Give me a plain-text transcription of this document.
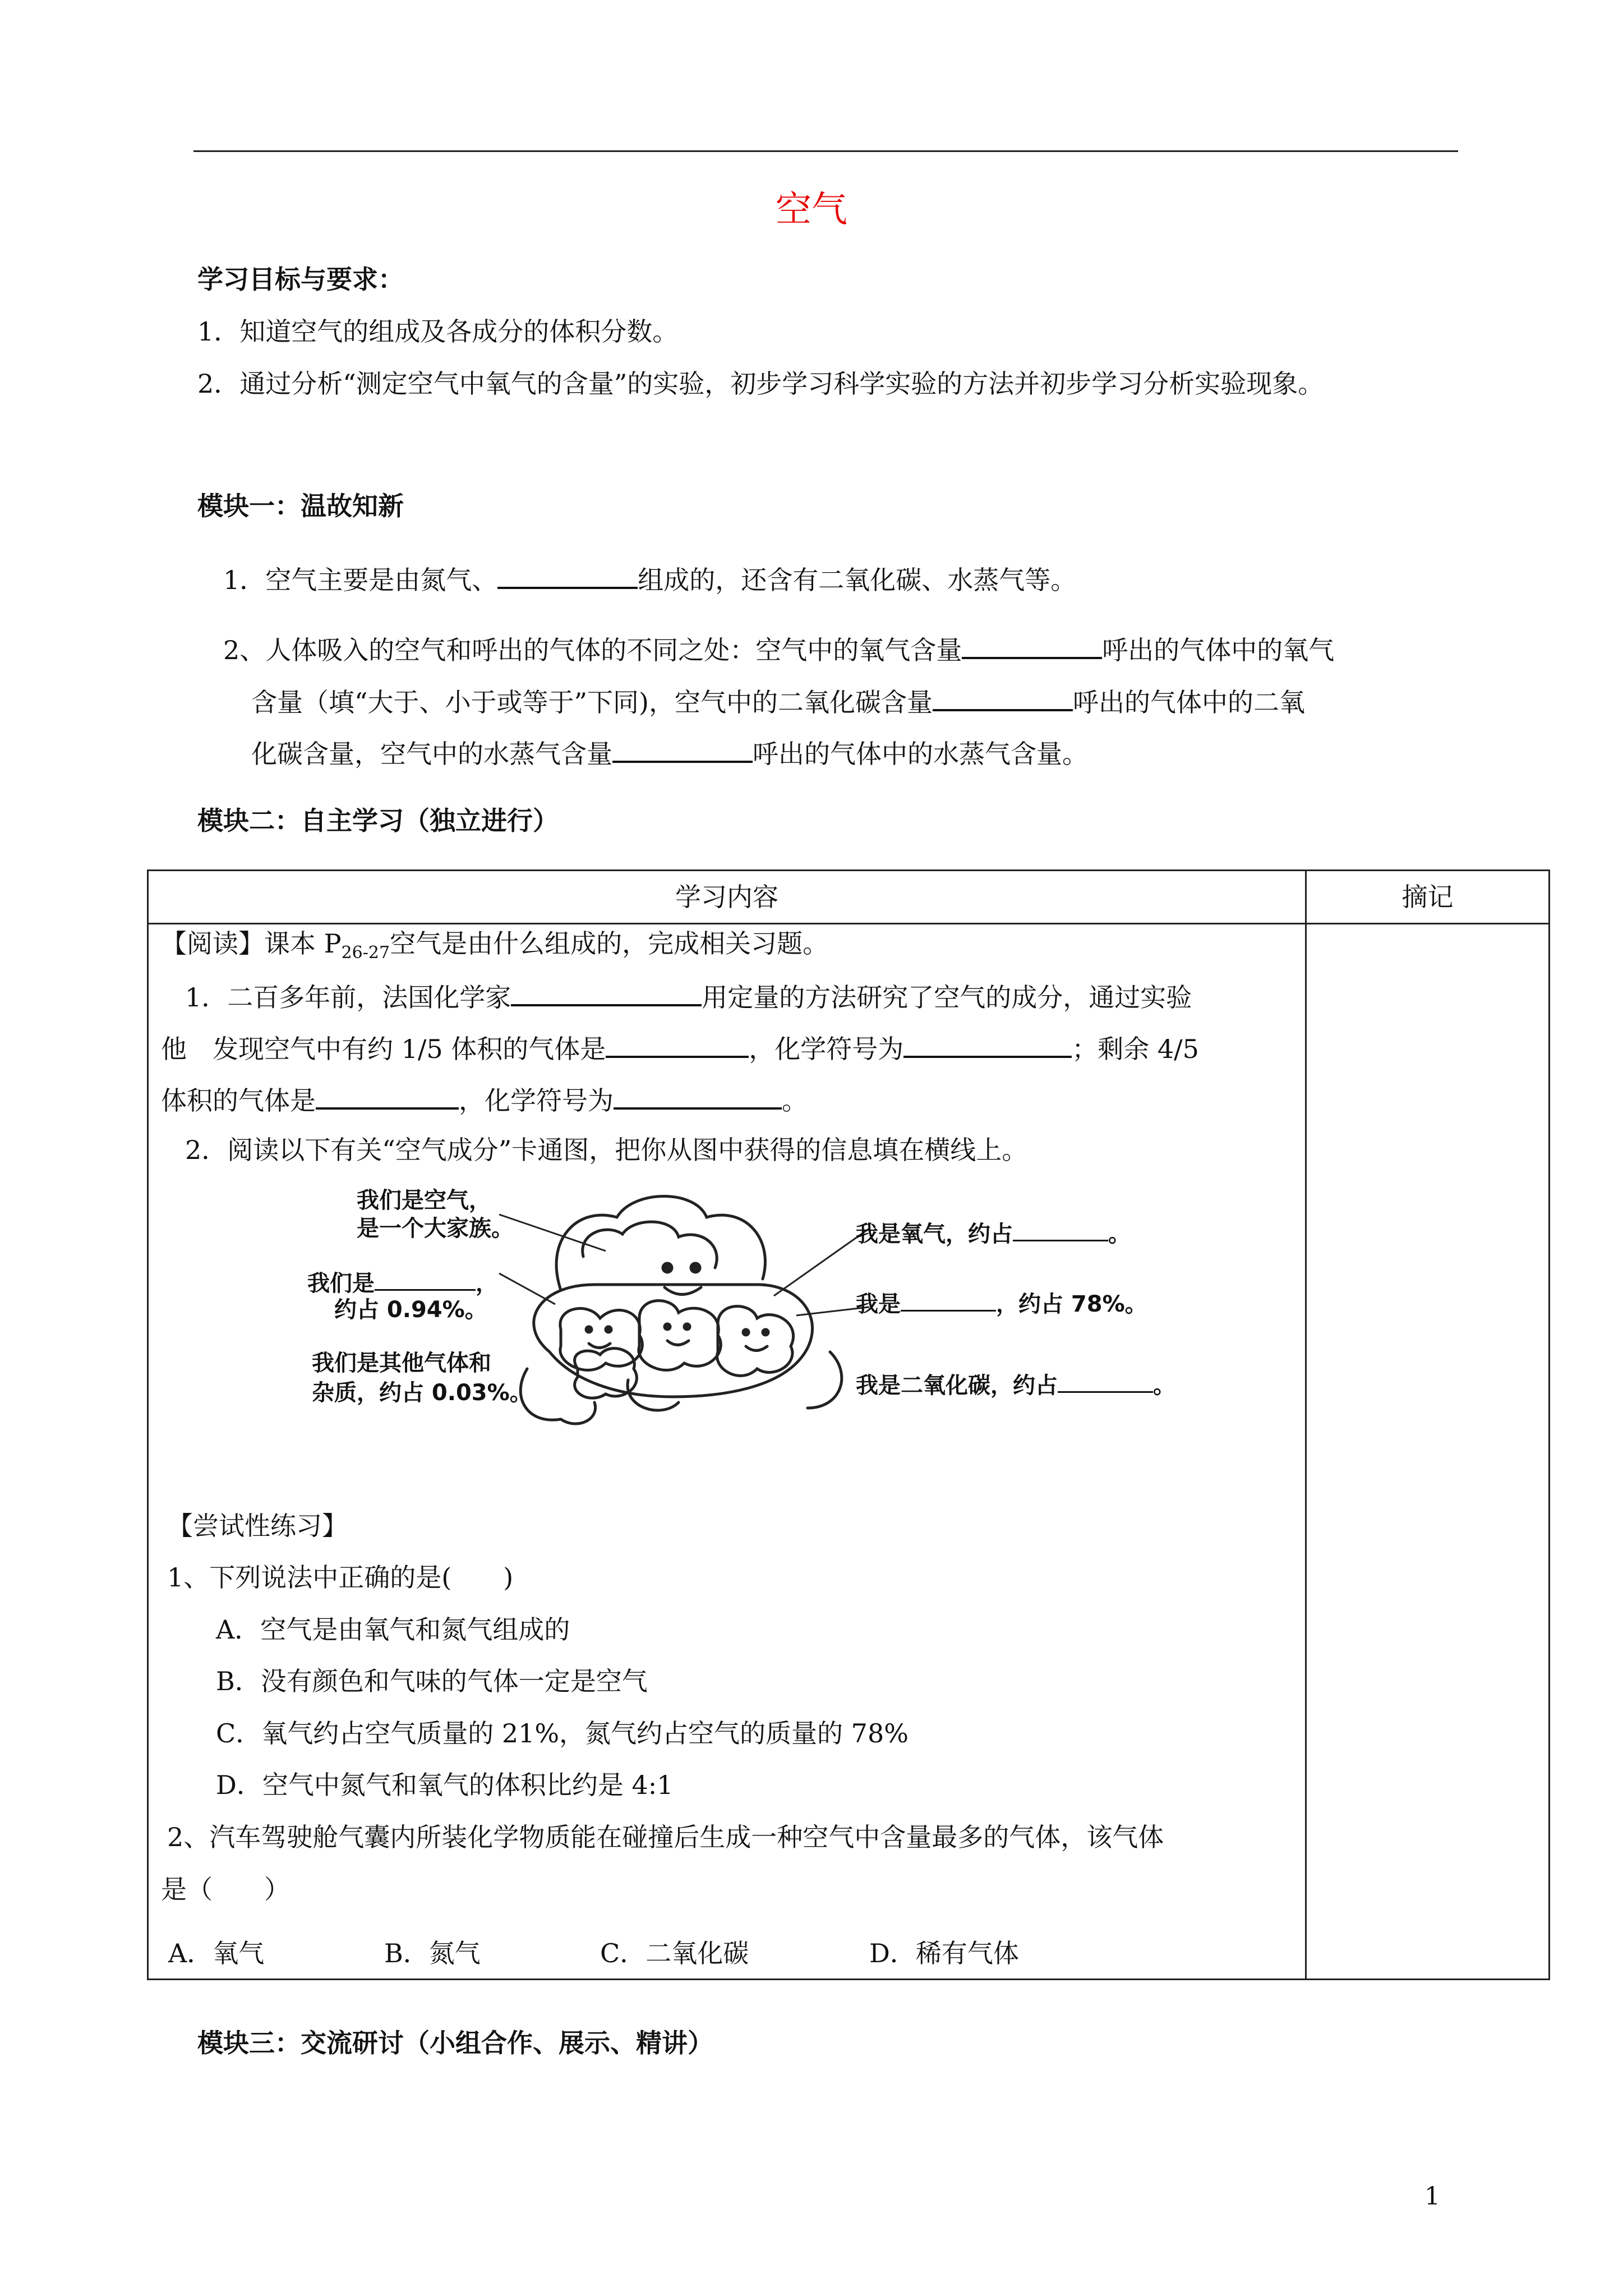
空气
学习目标与要求：
1．知道空气的组成及各成分的体积分数。
2．通过分析“测定空气中氧气的含量”的实验，初步学习科学实验的方法并初步学习分析实验现象。
模块一：温故知新
1．空气主要是由氮气、	组成的，还含有二氧化碳、水蒸气等。
2、人体吸入的空气和呼出的气体的不同之处：空气中的氧气含量	呼出的气体中的氧气
含量（填“大于、小于或等于”下同)，空气中的二氧化碳含量	呼出的气体中的二氧
化碳含量，空气中的水蒸气含量	呼出的气体中的水蒸气含量。
模块二：自主学习（独立进行）
学习内容	摘记

【阅读】课本 $P_{26-27}$空气是由什么组成的，完成相关习题。
1．二百多年前，法国化学家	用定量的方法研究了空气的成分，通过实验
他　发现空气中有约 1/5 体积的气体是	，化学符号为	；剩余 4/5
体积的气体是	，化学符号为	。
2．阅读以下有关“空气成分”卡通图，把你从图中获得的信息填在横线上。
我们是空气，
是一个大家族。
我们是	，
约占 0.94%。
我们是其他气体和
杂质，约占 0.03%。
我是氧气，约占	。
我是	，约占 78%。
我是二氧化碳，约占	。
【尝试性练习】
1、下列说法中正确的是(　　)
A．空气是由氧气和氮气组成的
B．没有颜色和气味的气体一定是空气
C．氧气约占空气质量的 21%，氮气约占空气的质量的 78%
D．空气中氮气和氧气的体积比约是 4:1
2、汽车驾驶舱气囊内所装化学物质能在碰撞后生成一种空气中含量最多的气体，该气体
是（　　）
A．氧气	B．氮气	C．二氧化碳	D．稀有气体
模块三：交流研讨（小组合作、展示、精讲）
1
